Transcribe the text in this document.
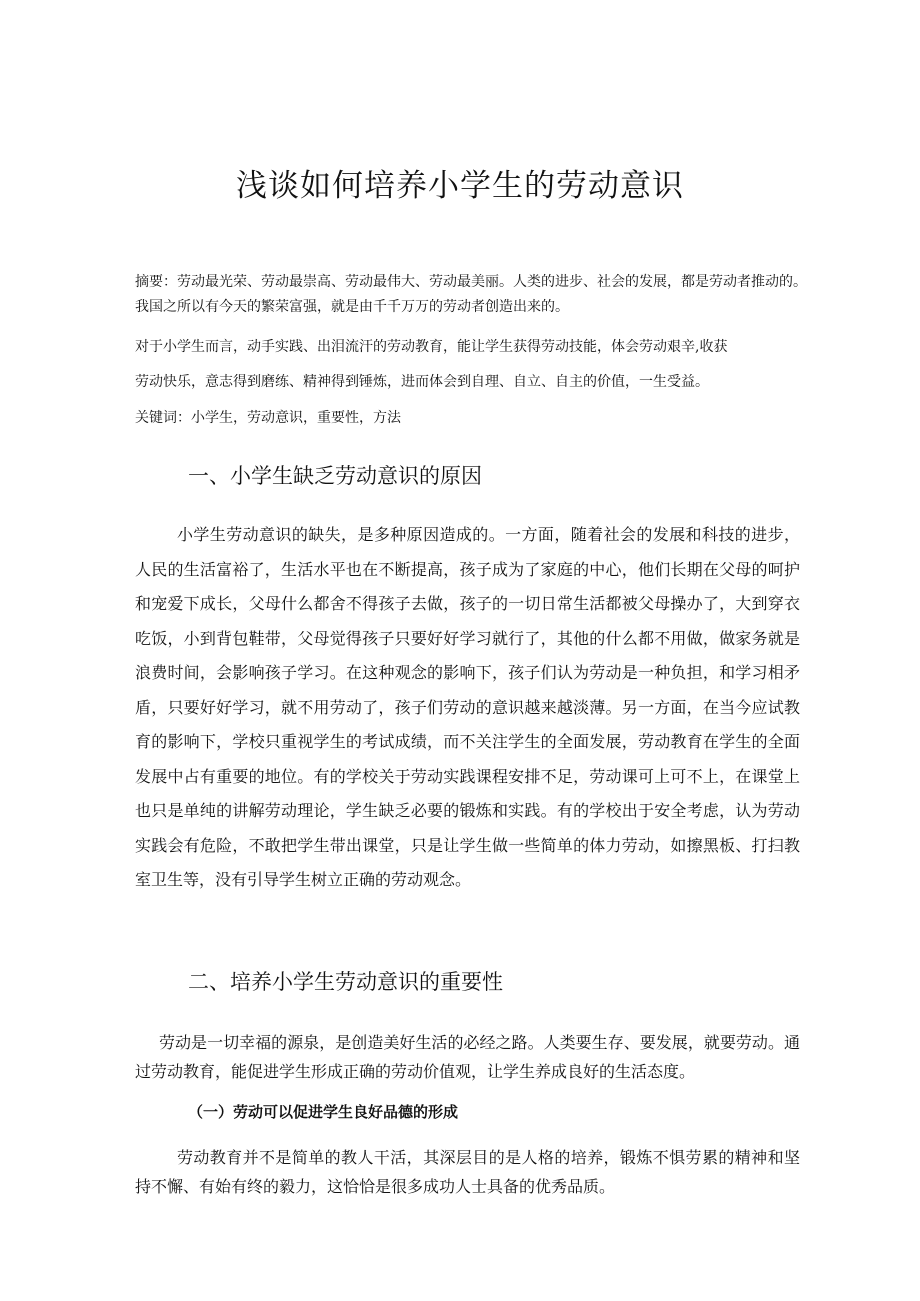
浅谈如何培养小学生的劳动意识
摘要：劳动最光荣、劳动最崇高、劳动最伟大、劳动最美丽。人类的进步、社会的发展，都是劳动者推动的。我国之所以有今天的繁荣富强，就是由千千万万的劳动者创造出来的。
对于小学生而言，动手实践、出泪流汗的劳动教育，能让学生获得劳动技能，体会劳动艰辛,收获
劳动快乐，意志得到磨练、精神得到锤炼，进而体会到自理、自立、自主的价值，一生受益。
关键词：小学生，劳动意识，重要性，方法
一、小学生缺乏劳动意识的原因
小学生劳动意识的缺失，是多种原因造成的。一方面，随着社会的发展和科技的进步，人民的生活富裕了，生活水平也在不断提高，孩子成为了家庭的中心，他们长期在父母的呵护和宠爱下成长，父母什么都舍不得孩子去做，孩子的一切日常生活都被父母操办了，大到穿衣吃饭，小到背包鞋带，父母觉得孩子只要好好学习就行了，其他的什么都不用做，做家务就是浪费时间，会影响孩子学习。在这种观念的影响下，孩子们认为劳动是一种负担，和学习相矛盾，只要好好学习，就不用劳动了，孩子们劳动的意识越来越淡薄。另一方面，在当今应试教育的影响下，学校只重视学生的考试成绩，而不关注学生的全面发展，劳动教育在学生的全面发展中占有重要的地位。有的学校关于劳动实践课程安排不足，劳动课可上可不上，在课堂上也只是单纯的讲解劳动理论，学生缺乏必要的锻炼和实践。有的学校出于安全考虑，认为劳动实践会有危险，不敢把学生带出课堂，只是让学生做一些简单的体力劳动，如擦黑板、打扫教室卫生等，没有引导学生树立正确的劳动观念。
二、培养小学生劳动意识的重要性
劳动是一切幸福的源泉，是创造美好生活的必经之路。人类要生存、要发展，就要劳动。通过劳动教育，能促进学生形成正确的劳动价值观，让学生养成良好的生活态度。
（一）劳动可以促进学生良好品德的形成
劳动教育并不是简单的教人干活，其深层目的是人格的培养，锻炼不惧劳累的精神和坚持不懈、有始有终的毅力，这恰恰是很多成功人士具备的优秀品质。
